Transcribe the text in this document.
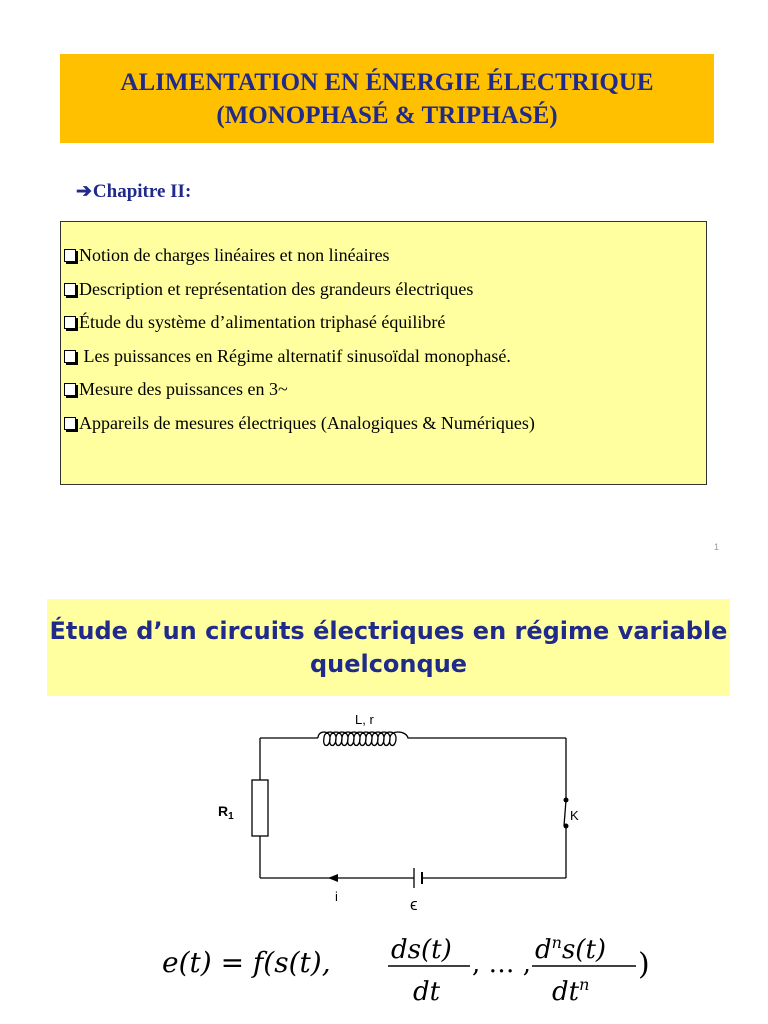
ALIMENTATION EN ÉNERGIE ÉLECTRIQUE
(MONOPHASÉ & TRIPHASÉ)
➔Chapitre II:
Notion de charges linéaires et non linéaires
Description et représentation des grandeurs électriques
Étude du système d’alimentation triphasé équilibré
Les puissances en Régime alternatif sinusoïdal monophasé.
Mesure des puissances en 3~
Appareils de mesures électriques (Analogiques & Numériques)
1
Étude d’un circuits électriques en régime variable
quelconque
L, r
$R_1$	K
i	ϵ
e(t) = f(s(t), ds(t)
dt
, … , $d^ns(t)$
$dt^n$
)
